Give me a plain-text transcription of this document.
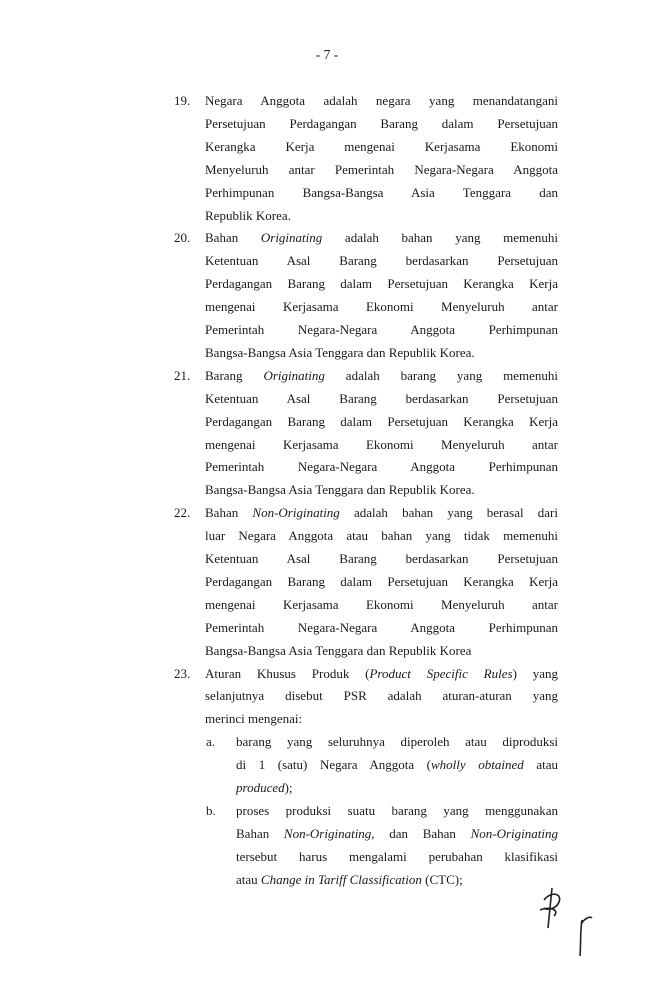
- 7 -
19. Negara Anggota adalah negara yang menandatangani
Persetujuan Perdagangan Barang dalam Persetujuan
Kerangka Kerja mengenai Kerjasama Ekonomi
Menyeluruh antar Pemerintah Negara-Negara Anggota
Perhimpunan Bangsa-Bangsa Asia Tenggara dan
Republik Korea.
20. Bahan Originating adalah bahan yang memenuhi
Ketentuan Asal Barang berdasarkan Persetujuan
Perdagangan Barang dalam Persetujuan Kerangka Kerja
mengenai Kerjasama Ekonomi Menyeluruh antar
Pemerintah Negara-Negara Anggota Perhimpunan
Bangsa-Bangsa Asia Tenggara dan Republik Korea.
21. Barang Originating adalah barang yang memenuhi
Ketentuan Asal Barang berdasarkan Persetujuan
Perdagangan Barang dalam Persetujuan Kerangka Kerja
mengenai Kerjasama Ekonomi Menyeluruh antar
Pemerintah Negara-Negara Anggota Perhimpunan
Bangsa-Bangsa Asia Tenggara dan Republik Korea.
22. Bahan Non-Originating adalah bahan yang berasal dari
luar Negara Anggota atau bahan yang tidak memenuhi
Ketentuan Asal Barang berdasarkan Persetujuan
Perdagangan Barang dalam Persetujuan Kerangka Kerja
mengenai Kerjasama Ekonomi Menyeluruh antar
Pemerintah Negara-Negara Anggota Perhimpunan
Bangsa-Bangsa Asia Tenggara dan Republik Korea
23. Aturan Khusus Produk (Product Specific Rules) yang
selanjutnya disebut PSR adalah aturan-aturan yang
merinci mengenai:
a. barang yang seluruhnya diperoleh atau diproduksi
di 1 (satu) Negara Anggota (wholly obtained atau
produced);
b. proses produksi suatu barang yang menggunakan
Bahan Non-Originating, dan Bahan Non-Originating
tersebut harus mengalami perubahan klasifikasi
atau Change in Tariff Classification (CTC);
